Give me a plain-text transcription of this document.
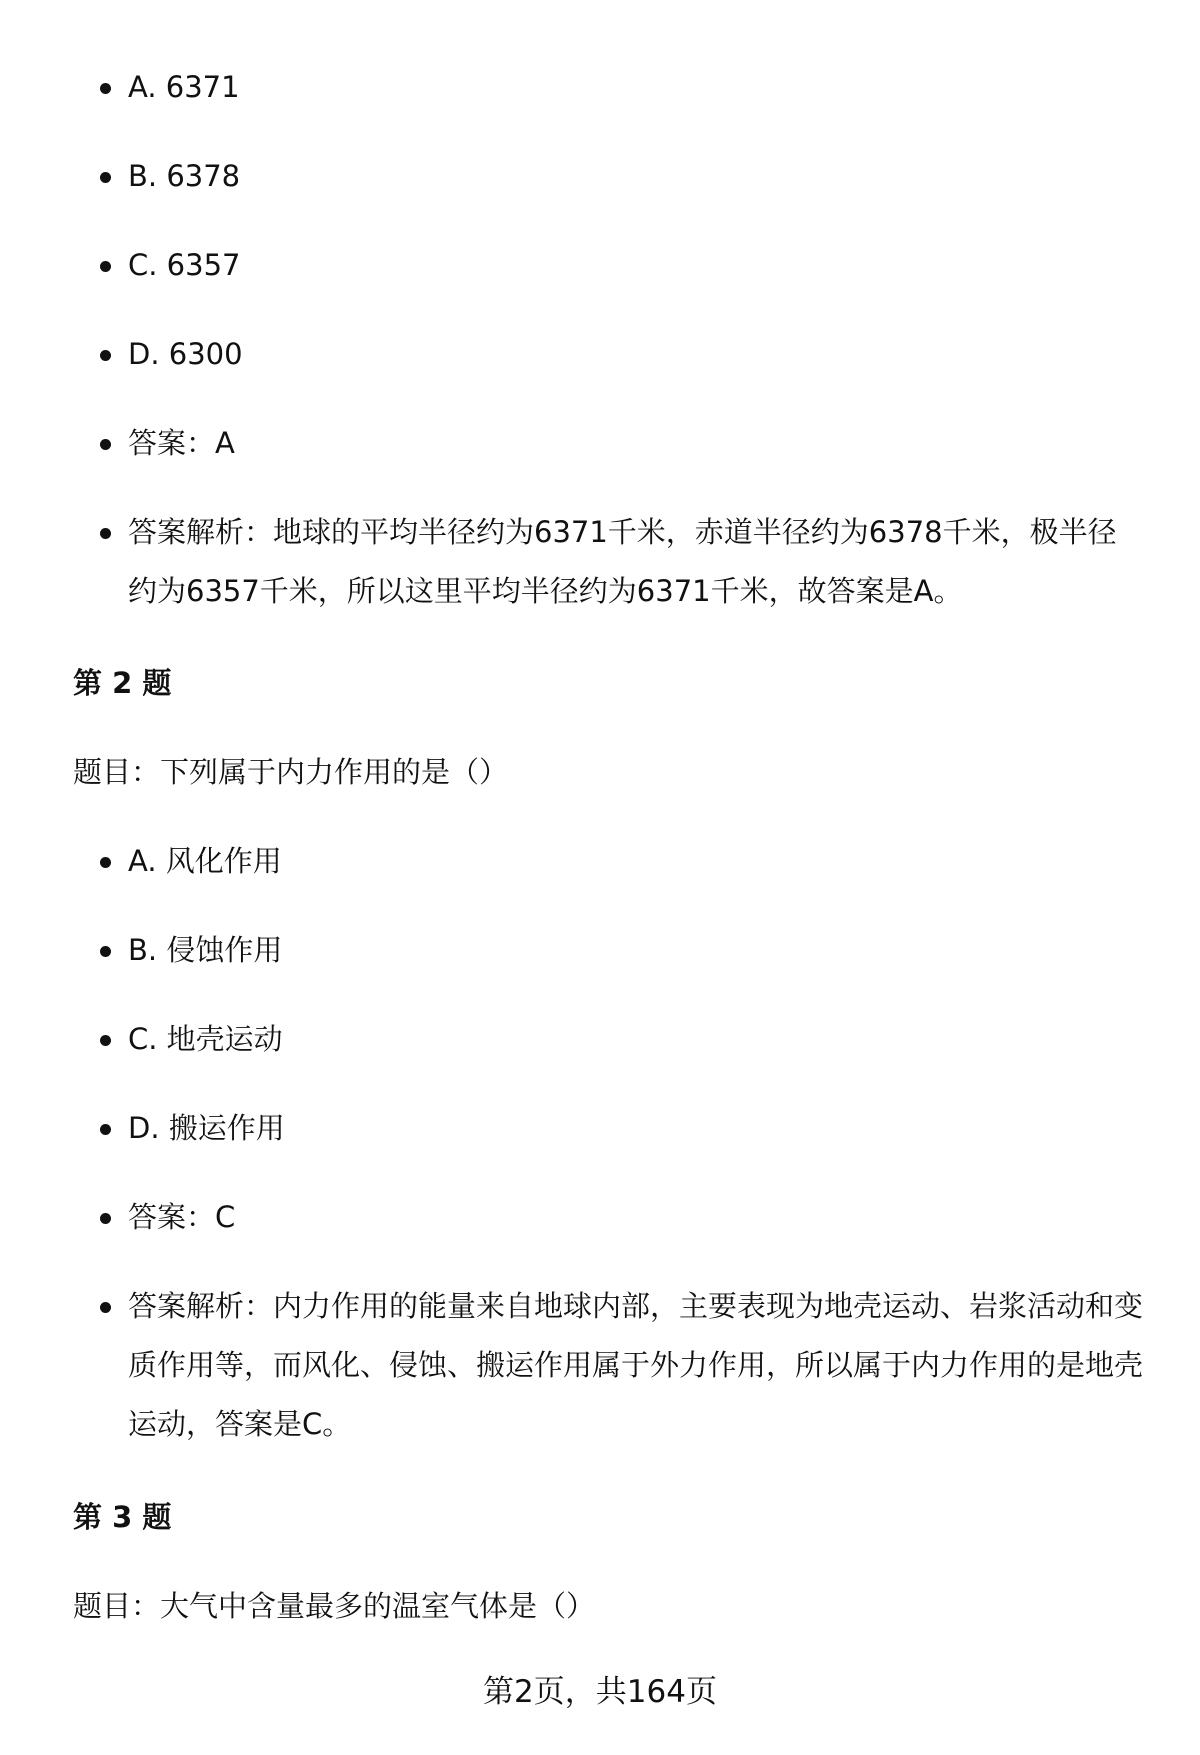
A. 6371
B. 6378
C. 6357
D. 6300
答案：A
答案解析：地球的平均半径约为6371千米，赤道半径约为6378千米，极半径约为6357千米，所以这里平均半径约为6371千米，故答案是A。
第 2 题
题目：下列属于内力作用的是（）
A. 风化作用
B. 侵蚀作用
C. 地壳运动
D. 搬运作用
答案：C
答案解析：内力作用的能量来自地球内部，主要表现为地壳运动、岩浆活动和变质作用等，而风化、侵蚀、搬运作用属于外力作用，所以属于内力作用的是地壳运动，答案是C。
第 3 题
题目：大气中含量最多的温室气体是（）
第2页，共164页
